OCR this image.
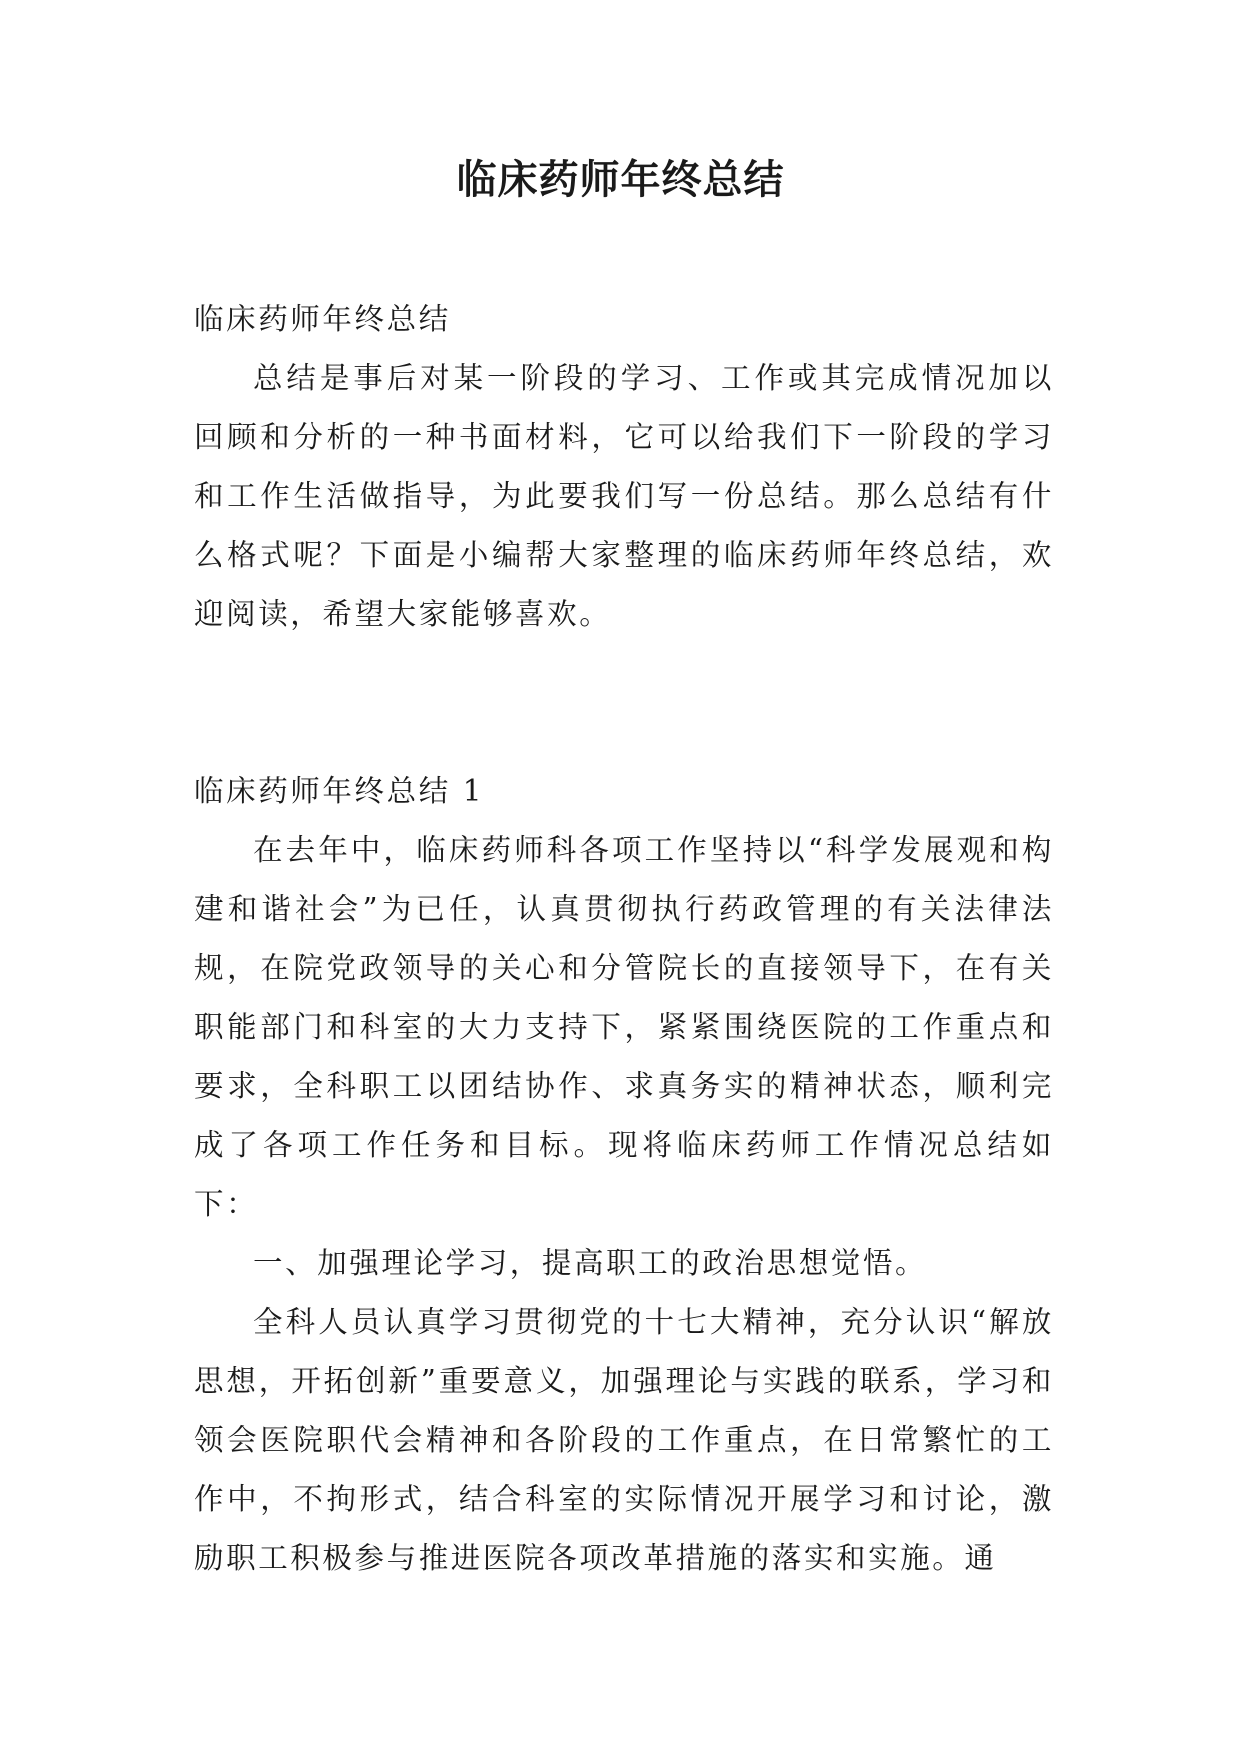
临床药师年终总结

临床药师年终总结

总结是事后对某一阶段的学习、工作或其完成情况加以回顾和分析的一种书面材料，它可以给我们下一阶段的学习和工作生活做指导，为此要我们写一份总结。那么总结有什么格式呢？下面是小编帮大家整理的临床药师年终总结，欢迎阅读，希望大家能够喜欢。

临床药师年终总结 1

在去年中，临床药师科各项工作坚持以“科学发展观和构建和谐社会”为已任，认真贯彻执行药政管理的有关法律法规，在院党政领导的关心和分管院长的直接领导下，在有关职能部门和科室的大力支持下，紧紧围绕医院的工作重点和要求，全科职工以团结协作、求真务实的精神状态，顺利完成了各项工作任务和目标。现将临床药师工作情况总结如下：

一、加强理论学习，提高职工的政治思想觉悟。

全科人员认真学习贯彻党的十七大精神，充分认识“解放思想，开拓创新”重要意义，加强理论与实践的联系，学习和领会医院职代会精神和各阶段的工作重点，在日常繁忙的工作中，不拘形式，结合科室的实际情况开展学习和讨论，激励职工积极参与推进医院各项改革措施的落实和实施。通
